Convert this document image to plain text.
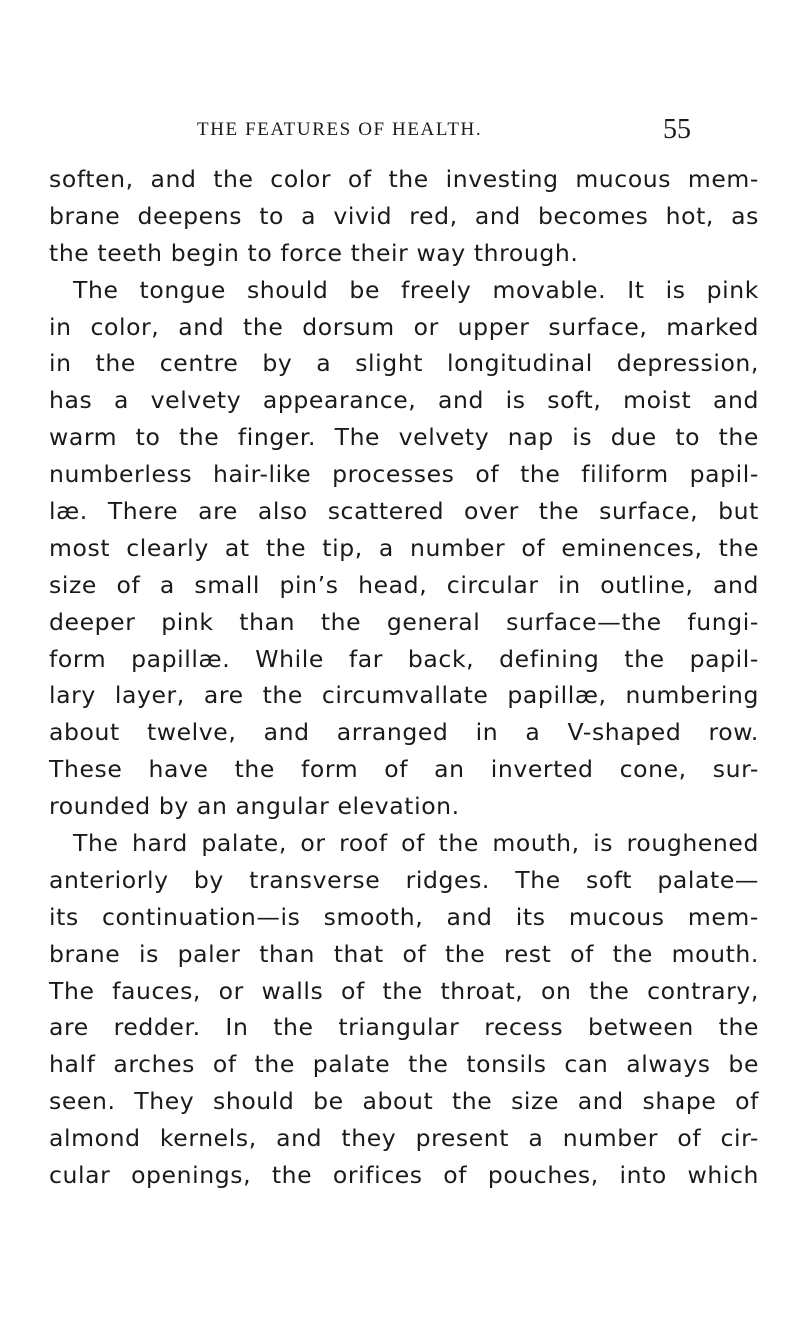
THE FEATURES OF HEALTH.	55
soften, and the color of the investing mucous mem-
brane deepens to a vivid red, and becomes hot, as
the teeth begin to force their way through.
The tongue should be freely movable. It is pink
in color, and the dorsum or upper surface, marked
in the centre by a slight longitudinal depression,
has a velvety appearance, and is soft, moist and
warm to the finger. The velvety nap is due to the
numberless hair-like processes of the filiform papil-
læ. There are also scattered over the surface, but
most clearly at the tip, a number of eminences, the
size of a small pin’s head, circular in outline, and
deeper pink than the general surface—the fungi-
form papillæ. While far back, defining the papil-
lary layer, are the circumvallate papillæ, numbering
about twelve, and arranged in a V-shaped row.
These have the form of an inverted cone, sur-
rounded by an angular elevation.
The hard palate, or roof of the mouth, is roughened
anteriorly by transverse ridges. The soft palate—
its continuation—is smooth, and its mucous mem-
brane is paler than that of the rest of the mouth.
The fauces, or walls of the throat, on the contrary,
are redder. In the triangular recess between the
half arches of the palate the tonsils can always be
seen. They should be about the size and shape of
almond kernels, and they present a number of cir-
cular openings, the orifices of pouches, into which
